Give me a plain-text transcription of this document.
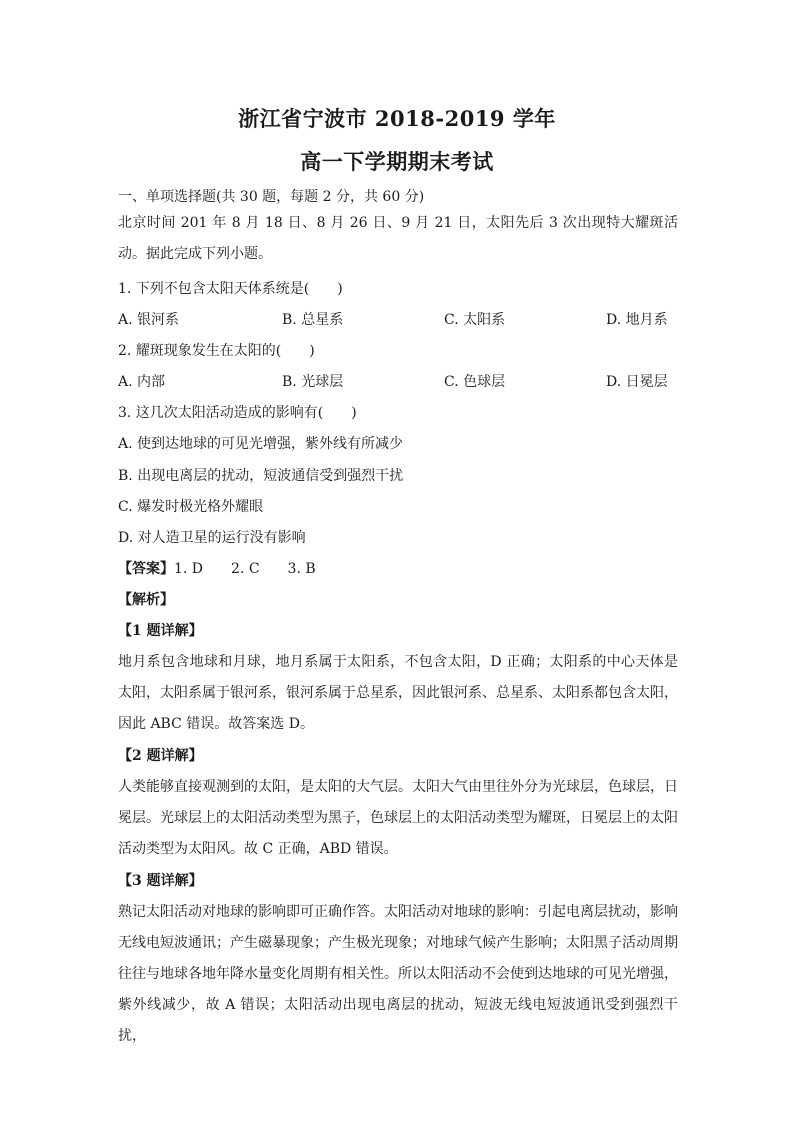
浙江省宁波市 2018-2019 学年
高一下学期期末考试
一、单项选择题(共 30 题，每题 2 分，共 60 分)
北京时间 201 年 8 月 18 日、8 月 26 日、9 月 21 日，太阳先后 3 次出现特大耀斑活动。据此完成下列小题。
1. 下列不包含太阳天体系统是(　　)
A. 银河系	B. 总星系	C. 太阳系	D. 地月系
2. 耀斑现象发生在太阳的(　　)
A. 内部	B. 光球层	C. 色球层	D. 日冕层
3. 这几次太阳活动造成的影响有(　　)
A. 使到达地球的可见光增强，紫外线有所减少
B. 出现电离层的扰动，短波通信受到强烈干扰
C. 爆发时极光格外耀眼
D. 对人造卫星的运行没有影响
【答案】1. D　　2. C　　3. B
【解析】
【1 题详解】
地月系包含地球和月球，地月系属于太阳系，不包含太阳，D 正确；太阳系的中心天体是太阳，太阳系属于银河系，银河系属于总星系，因此银河系、总星系、太阳系都包含太阳，因此 ABC 错误。故答案选 D。
【2 题详解】
人类能够直接观测到的太阳，是太阳的大气层。太阳大气由里往外分为光球层，色球层，日冕层。光球层上的太阳活动类型为黑子，色球层上的太阳活动类型为耀斑，日冕层上的太阳活动类型为太阳风。故 C 正确，ABD 错误。
【3 题详解】
熟记太阳活动对地球的影响即可正确作答。太阳活动对地球的影响：引起电离层扰动，影响无线电短波通讯；产生磁暴现象；产生极光现象；对地球气候产生影响；太阳黑子活动周期往往与地球各地年降水量变化周期有相关性。所以太阳活动不会使到达地球的可见光增强，紫外线减少，故 A 错误；太阳活动出现电离层的扰动，短波无线电短波通讯受到强烈干扰，
